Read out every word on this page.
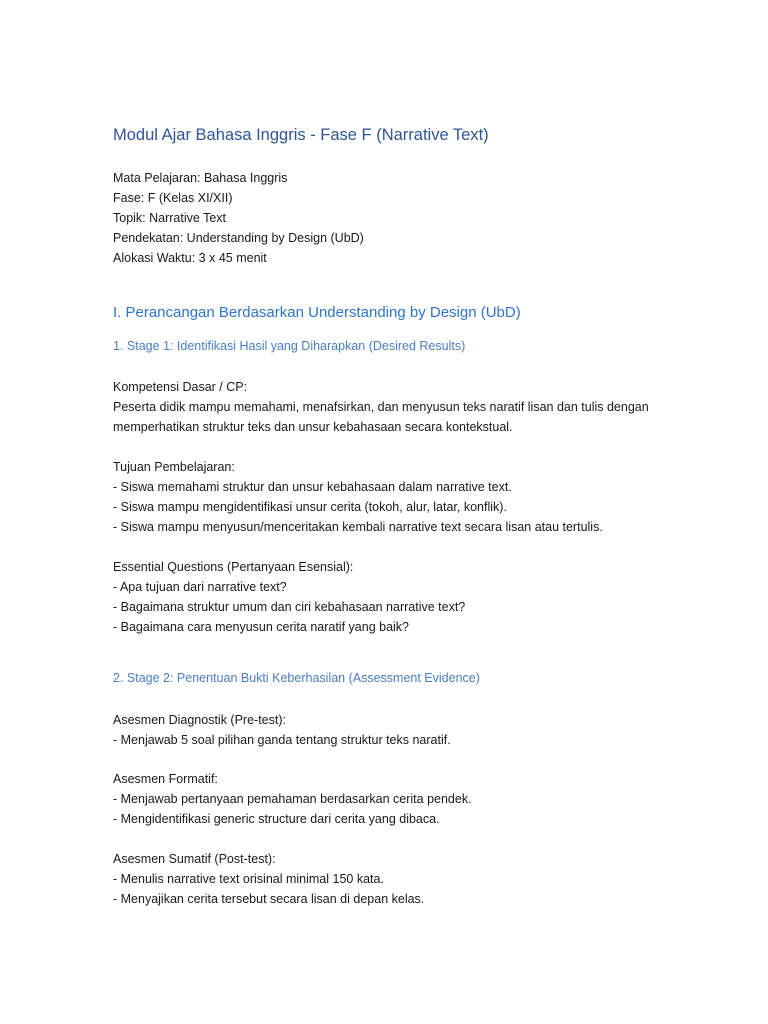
Modul Ajar Bahasa Inggris - Fase F (Narrative Text)
Mata Pelajaran: Bahasa Inggris
Fase: F (Kelas XI/XII)
Topik: Narrative Text
Pendekatan: Understanding by Design (UbD)
Alokasi Waktu: 3 x 45 menit
I. Perancangan Berdasarkan Understanding by Design (UbD)
1. Stage 1: Identifikasi Hasil yang Diharapkan (Desired Results)
Kompetensi Dasar / CP:
Peserta didik mampu memahami, menafsirkan, dan menyusun teks naratif lisan dan tulis dengan
memperhatikan struktur teks dan unsur kebahasaan secara kontekstual.
Tujuan Pembelajaran:
- Siswa memahami struktur dan unsur kebahasaan dalam narrative text.
- Siswa mampu mengidentifikasi unsur cerita (tokoh, alur, latar, konflik).
- Siswa mampu menyusun/menceritakan kembali narrative text secara lisan atau tertulis.
Essential Questions (Pertanyaan Esensial):
- Apa tujuan dari narrative text?
- Bagaimana struktur umum dan ciri kebahasaan narrative text?
- Bagaimana cara menyusun cerita naratif yang baik?
2. Stage 2: Penentuan Bukti Keberhasilan (Assessment Evidence)
Asesmen Diagnostik (Pre-test):
- Menjawab 5 soal pilihan ganda tentang struktur teks naratif.
Asesmen Formatif:
- Menjawab pertanyaan pemahaman berdasarkan cerita pendek.
- Mengidentifikasi generic structure dari cerita yang dibaca.
Asesmen Sumatif (Post-test):
- Menulis narrative text orisinal minimal 150 kata.
- Menyajikan cerita tersebut secara lisan di depan kelas.
